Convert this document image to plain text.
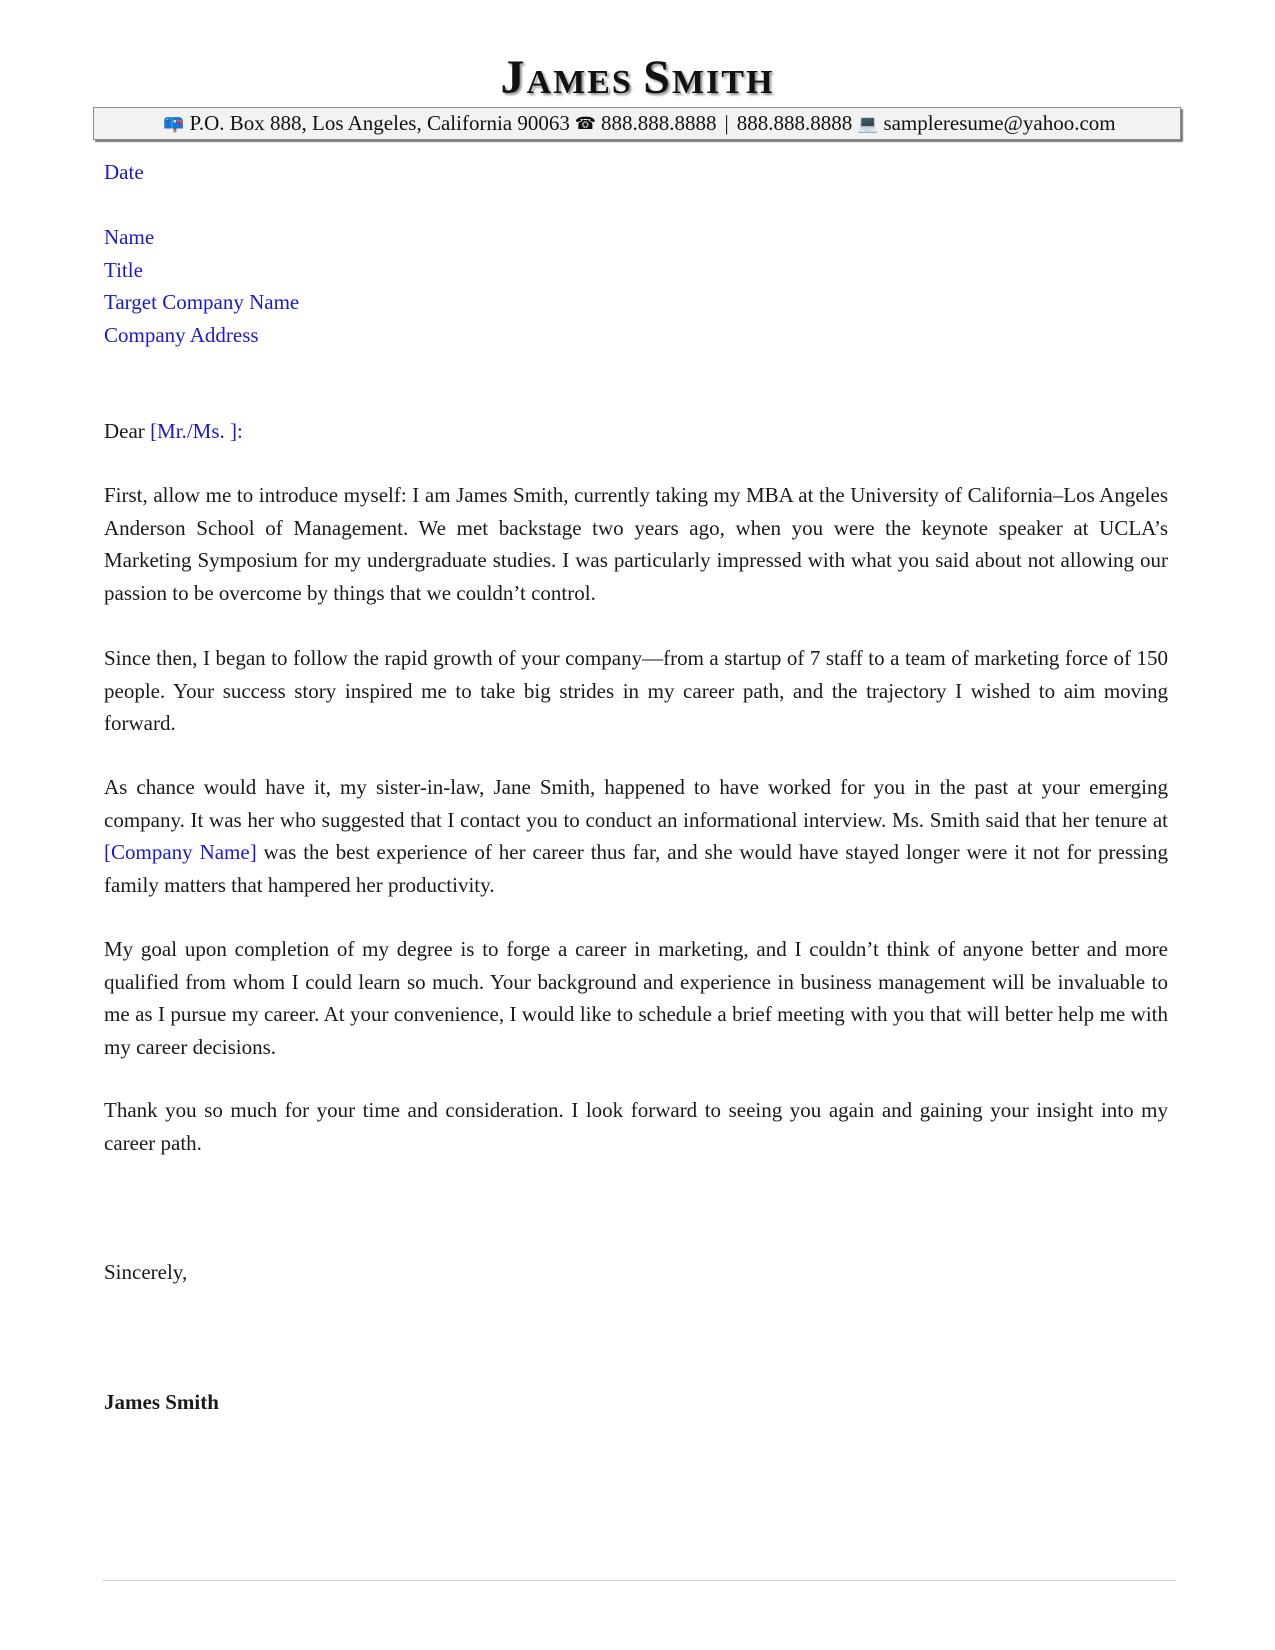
JAMES SMITH
📪 P.O. Box 888, Los Angeles, California 90063 ☎ 888.888.8888 | 888.888.8888 💻 sampleresume@yahoo.com
Date
Name
Title
Target Company Name
Company Address
Dear [Mr./Ms. ]:
First, allow me to introduce myself: I am James Smith, currently taking my MBA at the University of California–Los Angeles Anderson School of Management. We met backstage two years ago, when you were the keynote speaker at UCLA’s Marketing Symposium for my undergraduate studies. I was particularly impressed with what you said about not allowing our passion to be overcome by things that we couldn’t control.
Since then, I began to follow the rapid growth of your company—from a startup of 7 staff to a team of marketing force of 150 people. Your success story inspired me to take big strides in my career path, and the trajectory I wished to aim moving forward.
As chance would have it, my sister-in-law, Jane Smith, happened to have worked for you in the past at your emerging company. It was her who suggested that I contact you to conduct an informational interview. Ms. Smith said that her tenure at [Company Name] was the best experience of her career thus far, and she would have stayed longer were it not for pressing family matters that hampered her productivity.
My goal upon completion of my degree is to forge a career in marketing, and I couldn’t think of anyone better and more qualified from whom I could learn so much. Your background and experience in business management will be invaluable to me as I pursue my career. At your convenience, I would like to schedule a brief meeting with you that will better help me with my career decisions.
Thank you so much for your time and consideration. I look forward to seeing you again and gaining your insight into my career path.
Sincerely,
James Smith
